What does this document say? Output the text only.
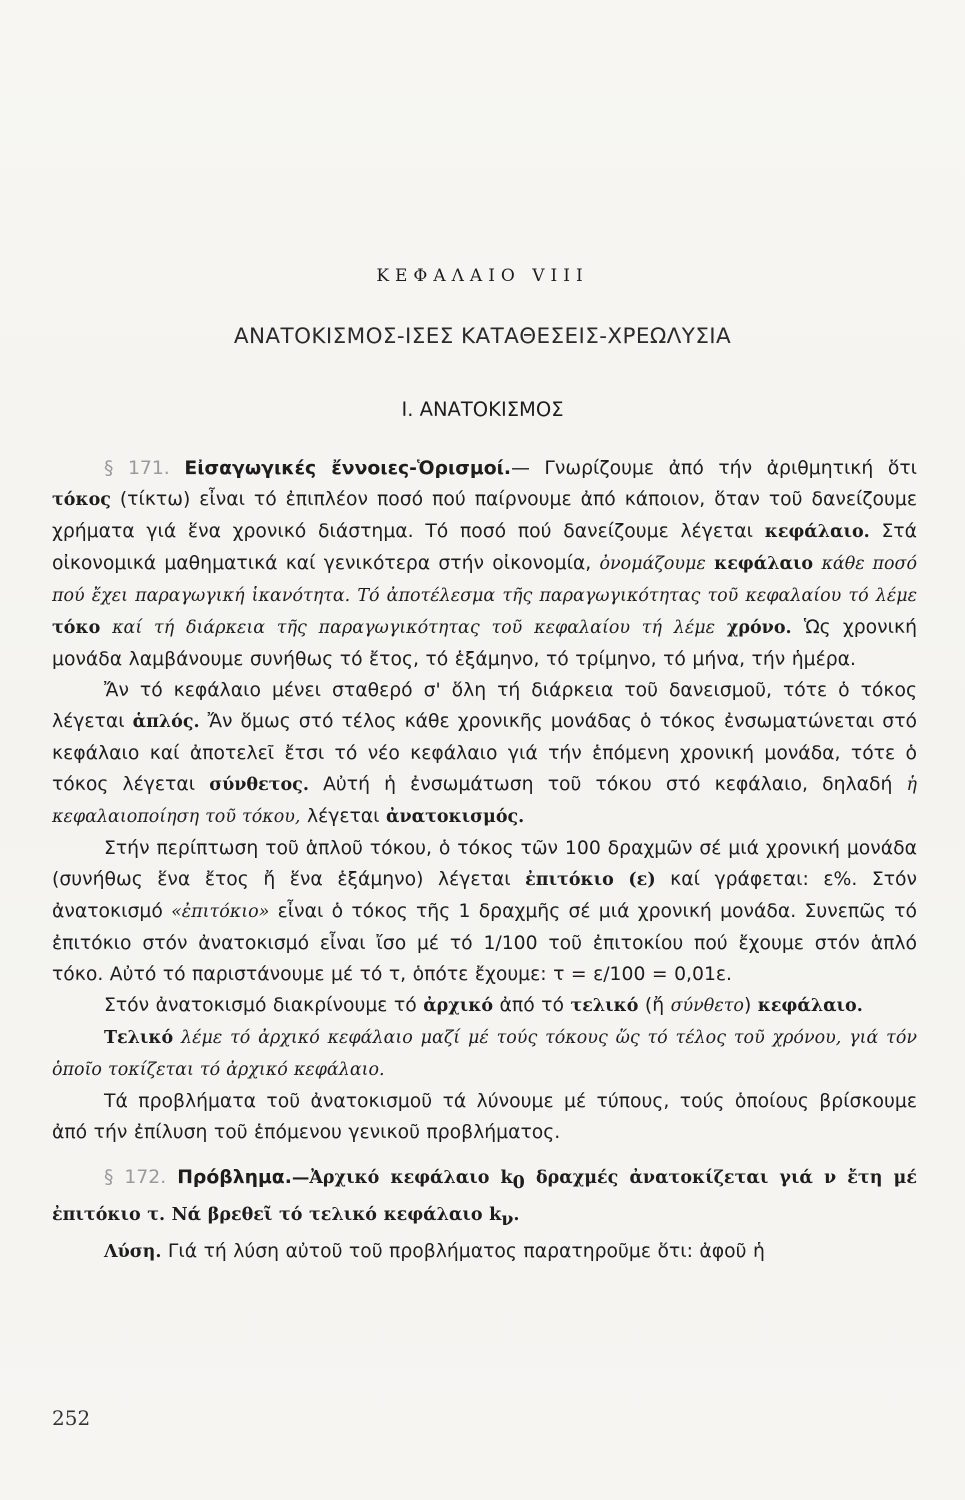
ΚΕΦΑΛΑΙΟ VIII
ΑΝΑΤΟΚΙΣΜΟΣ-ΙΣΕΣ ΚΑΤΑΘΕΣΕΙΣ-ΧΡΕΩΛΥΣΙΑ
Ι. ΑΝΑΤΟΚΙΣΜΟΣ

§ 171. Εἰσαγωγικές ἔννοιες-Ὁρισμοί.— Γνωρίζουμε ἀπό τήν ἀριθμητική ὅτι τόκος (τίκτω) εἶναι τό ἐπιπλέον ποσό πού παίρνουμε ἀπό κάποιον, ὅταν τοῦ δανείζουμε χρήματα γιά ἕνα χρονικό διάστημα. Τό ποσό πού δανείζουμε λέγεται κεφάλαιο. Στά οἰκονομικά μαθηματικά καί γενικότερα στήν οἰκονομία, ὀνομάζουμε κεφάλαιο κάθε ποσό πού ἔχει παραγωγική ἱκανότητα. Τό ἀποτέλεσμα τῆς παραγωγικότητας τοῦ κεφαλαίου τό λέμε τόκο καί τή διάρκεια τῆς παραγωγικότητας τοῦ κεφαλαίου τή λέμε χρόνο. Ὡς χρονική μονάδα λαμβάνουμε συνήθως τό ἔτος, τό ἑξάμηνο, τό τρίμηνο, τό μήνα, τήν ἡμέρα.

Ἄν τό κεφάλαιο μένει σταθερό σ' ὅλη τή διάρκεια τοῦ δανεισμοῦ, τότε ὁ τόκος λέγεται ἁπλός. Ἄν ὅμως στό τέλος κάθε χρονικῆς μονάδας ὁ τόκος ἐνσωματώνεται στό κεφάλαιο καί ἀποτελεῖ ἔτσι τό νέο κεφάλαιο γιά τήν ἑπόμενη χρονική μονάδα, τότε ὁ τόκος λέγεται σύνθετος. Αὐτή ἡ ἐνσωμάτωση τοῦ τόκου στό κεφάλαιο, δηλαδή ἡ κεφαλαιοποίηση τοῦ τόκου, λέγεται ἀνατοκισμός.

Στήν περίπτωση τοῦ ἁπλοῦ τόκου, ὁ τόκος τῶν 100 δραχμῶν σέ μιά χρονική μονάδα (συνήθως ἕνα ἔτος ἤ ἕνα ἑξάμηνο) λέγεται ἐπιτόκιο (ε) καί γράφεται: ε%. Στόν ἀνατοκισμό «ἐπιτόκιο» εἶναι ὁ τόκος τῆς 1 δραχμῆς σέ μιά χρονική μονάδα. Συνεπῶς τό ἐπιτόκιο στόν ἀνατοκισμό εἶναι ἴσο μέ τό 1/100 τοῦ ἐπιτοκίου πού ἔχουμε στόν ἁπλό τόκο. Αὐτό τό παριστάνουμε μέ τό τ, ὁπότε ἔχουμε: τ = ε/100 = 0,01ε.

Στόν ἀνατοκισμό διακρίνουμε τό ἀρχικό ἀπό τό τελικό (ἤ σύνθετο) κεφάλαιο.

Τελικό λέμε τό ἀρχικό κεφάλαιο μαζί μέ τούς τόκους ὥς τό τέλος τοῦ χρόνου, γιά τόν ὁποῖο τοκίζεται τό ἀρχικό κεφάλαιο.

Τά προβλήματα τοῦ ἀνατοκισμοῦ τά λύνουμε μέ τύπους, τούς ὁποίους βρίσκουμε ἀπό τήν ἐπίλυση τοῦ ἑπόμενου γενικοῦ προβλήματος.

§ 172. Πρόβλημα.—Ἀρχικό κεφάλαιο $k_0$ δραχμές ἀνατοκίζεται γιά ν ἔτη μέ ἐπιτόκιο τ. Νά βρεθεῖ τό τελικό κεφάλαιο $k_\nu$.

Λύση. Γιά τή λύση αὐτοῦ τοῦ προβλήματος παρατηροῦμε ὅτι: ἀφοῦ ἡ

252
